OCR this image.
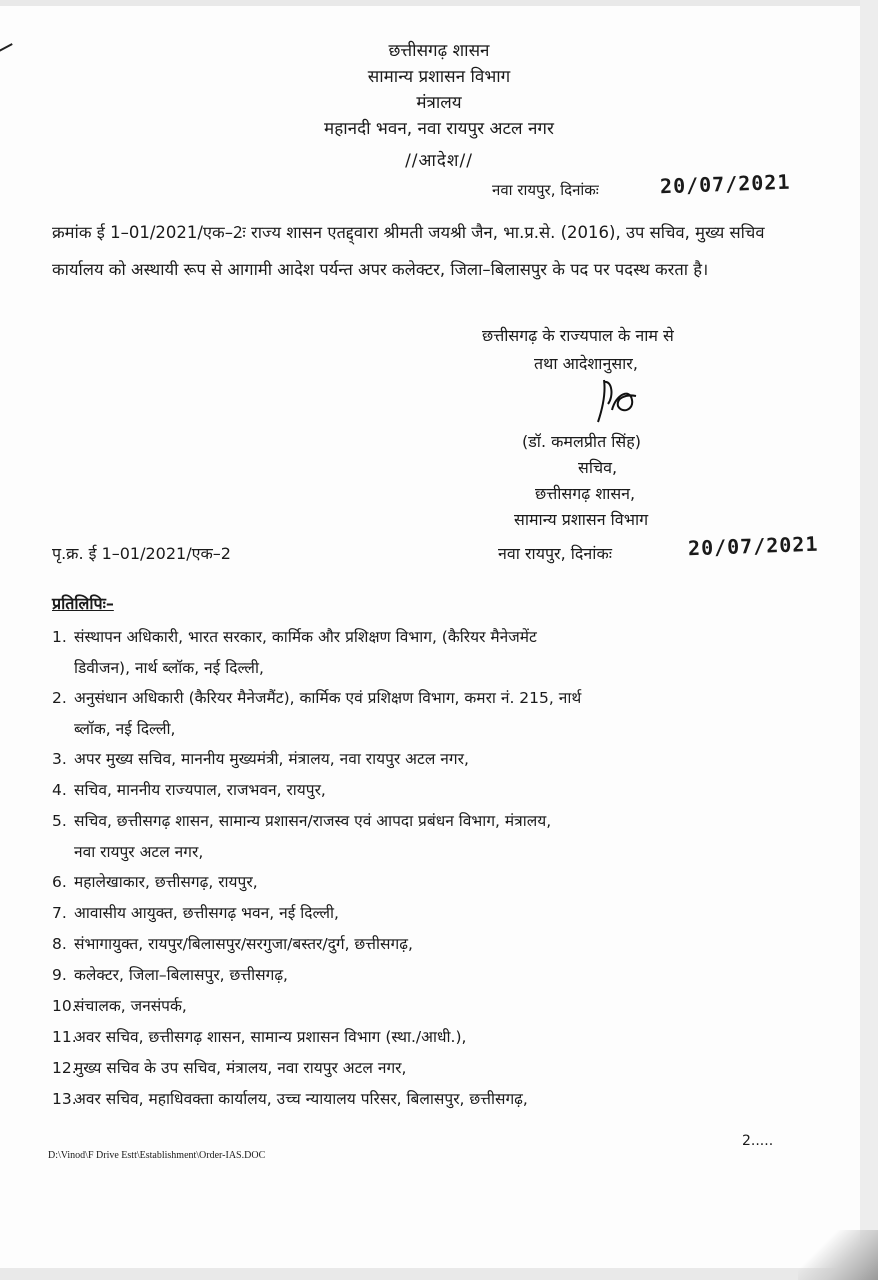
छत्तीसगढ़ शासन
सामान्य प्रशासन विभाग
मंत्रालय
महानदी भवन, नवा रायपुर अटल नगर
//आदेश//
नवा रायपुर, दिनांकः	20/07/2021
क्रमांक ई 1–01/2021/एक–2ः राज्य शासन एतद्द्वारा श्रीमती जयश्री जैन, भा.प्र.से. (2016), उप सचिव, मुख्य सचिव कार्यालय को अस्थायी रूप से आगामी आदेश पर्यन्त अपर कलेक्टर, जिला–बिलासपुर के पद पर पदस्थ करता है।
छत्तीसगढ़ के राज्यपाल के नाम से
तथा आदेशानुसार,
(डॉ. कमलप्रीत सिंह)
सचिव,
छत्तीसगढ़ शासन,
सामान्य प्रशासन विभाग
पृ.क्र. ई 1–01/2021/एक–2	नवा रायपुर, दिनांकः	20/07/2021
प्रतिलिपिः–
1. संस्थापन अधिकारी, भारत सरकार, कार्मिक और प्रशिक्षण विभाग, (कैरियर मैनेजमेंट
डिवीजन), नार्थ ब्लॉक, नई दिल्ली,
2. अनुसंधान अधिकारी (कैरियर मैनेजमैंट), कार्मिक एवं प्रशिक्षण विभाग, कमरा नं. 215, नार्थ
ब्लॉक, नई दिल्ली,
3. अपर मुख्य सचिव, माननीय मुख्यमंत्री, मंत्रालय, नवा रायपुर अटल नगर,
4. सचिव, माननीय राज्यपाल, राजभवन, रायपुर,
5. सचिव, छत्तीसगढ़ शासन, सामान्य प्रशासन/राजस्व एवं आपदा प्रबंधन विभाग, मंत्रालय,
नवा रायपुर अटल नगर,
6. महालेखाकार, छत्तीसगढ़, रायपुर,
7. आवासीय आयुक्त, छत्तीसगढ़ भवन, नई दिल्ली,
8. संभागायुक्त, रायपुर/बिलासपुर/सरगुजा/बस्तर/दुर्ग, छत्तीसगढ़,
9. कलेक्टर, जिला–बिलासपुर, छत्तीसगढ़,
10.संचालक, जनसंपर्क,
11.अवर सचिव, छत्तीसगढ़ शासन, सामान्य प्रशासन विभाग (स्था./आधी.),
12.मुख्य सचिव के उप सचिव, मंत्रालय, नवा रायपुर अटल नगर,
13.अवर सचिव, महाधिवक्ता कार्यालय, उच्च न्यायालय परिसर, बिलासपुर, छत्तीसगढ़,
D:\Vinod\F Drive Estt\Establishment\Order-IAS.DOC
2.....
